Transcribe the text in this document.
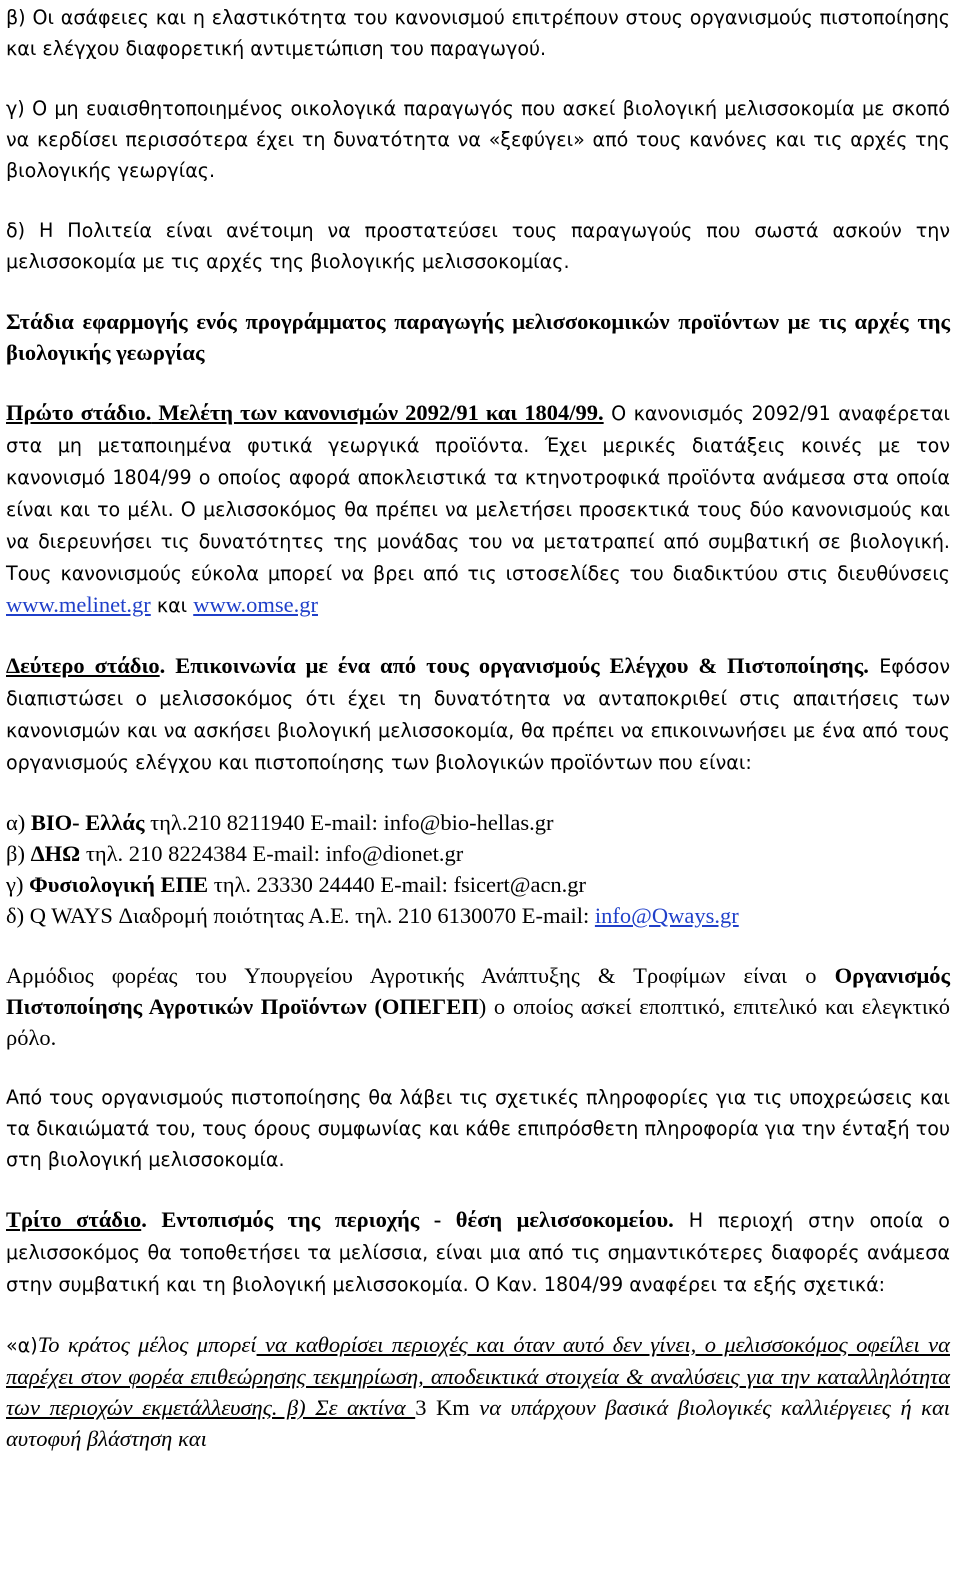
β) Οι ασάφειες και η ελαστικότητα του κανονισμού επιτρέπουν στους οργανισμούς πιστοποίησης και ελέγχου διαφορετική αντιμετώπιση του παραγωγού.

γ) Ο μη ευαισθητοποιημένος οικολογικά παραγωγός που ασκεί βιολογική μελισσοκομία με σκοπό να κερδίσει περισσότερα έχει τη δυνατότητα να «ξεφύγει» από τους κανόνες και τις αρχές της βιολογικής γεωργίας.

δ) Η Πολιτεία είναι ανέτοιμη να προστατεύσει τους παραγωγούς που σωστά ασκούν την μελισσοκομία με τις αρχές της βιολογικής μελισσοκομίας.

Στάδια εφαρμογής ενός προγράμματος παραγωγής μελισσοκομικών προϊόντων με τις αρχές της βιολογικής γεωργίας

Πρώτο στάδιο. Μελέτη των κανονισμών 2092/91 και 1804/99. Ο κανονισμός 2092/91 αναφέρεται στα μη μεταποιημένα φυτικά γεωργικά προϊόντα. Έχει μερικές διατάξεις κοινές με τον κανονισμό 1804/99 ο οποίος αφορά αποκλειστικά τα κτηνοτροφικά προϊόντα ανάμεσα στα οποία είναι και το μέλι. Ο μελισσοκόμος θα πρέπει να μελετήσει προσεκτικά τους δύο κανονισμούς και να διερευνήσει τις δυνατότητες της μονάδας του να μετατραπεί από συμβατική σε βιολογική. Τους κανονισμούς εύκολα μπορεί να βρει από τις ιστοσελίδες του διαδικτύου στις διευθύνσεις www.melinet.gr και www.omse.gr

Δεύτερο στάδιο. Επικοινωνία με ένα από τους οργανισμούς Ελέγχου & Πιστοποίησης. Εφόσον διαπιστώσει ο μελισσοκόμος ότι έχει τη δυνατότητα να ανταποκριθεί στις απαιτήσεις των κανονισμών και να ασκήσει βιολογική μελισσοκομία, θα πρέπει να επικοινωνήσει με ένα από τους οργανισμούς ελέγχου και πιστοποίησης των βιολογικών προϊόντων που είναι:

α) ΒΙΟ- Ελλάς τηλ.210 8211940 E-mail: info@bio-hellas.gr

β) ΔΗΩ τηλ. 210 8224384 E-mail: info@dionet.gr

γ) Φυσιολογική ΕΠΕ τηλ. 23330 24440 E-mail: fsicert@acn.gr

δ) Q WAYS Διαδρομή ποιότητας Α.Ε. τηλ. 210 6130070 E-mail: info@Qways.gr

Αρμόδιος φορέας του Υπουργείου Αγροτικής Ανάπτυξης & Τροφίμων είναι ο Οργανισμός Πιστοποίησης Αγροτικών Προϊόντων (ΟΠΕΓΕΠ) ο οποίος ασκεί εποπτικό, επιτελικό και ελεγκτικό ρόλο.

Από τους οργανισμούς πιστοποίησης θα λάβει τις σχετικές πληροφορίες για τις υποχρεώσεις και τα δικαιώματά του, τους όρους συμφωνίας και κάθε επιπρόσθετη πληροφορία για την ένταξή του στη βιολογική μελισσοκομία.

Τρίτο στάδιο. Εντοπισμός της περιοχής - θέση μελισσοκομείου. Η περιοχή στην οποία ο μελισσοκόμος θα τοποθετήσει τα μελίσσια, είναι μια από τις σημαντικότερες διαφορές ανάμεσα στην συμβατική και τη βιολογική μελισσοκομία. Ο Καν. 1804/99 αναφέρει τα εξής σχετικά:

«α)Το κράτος μέλος μπορεί να καθορίσει περιοχές και όταν αυτό δεν γίνει, ο μελισσοκόμος οφείλει να παρέχει στον φορέα επιθεώρησης τεκμηρίωση, αποδεικτικά στοιχεία & αναλύσεις για την καταλληλότητα των περιοχών εκμετάλλευσης. β) Σε ακτίνα 3 Km να υπάρχουν βασικά βιολογικές καλλιέργειες ή και αυτοφυή βλάστηση και
